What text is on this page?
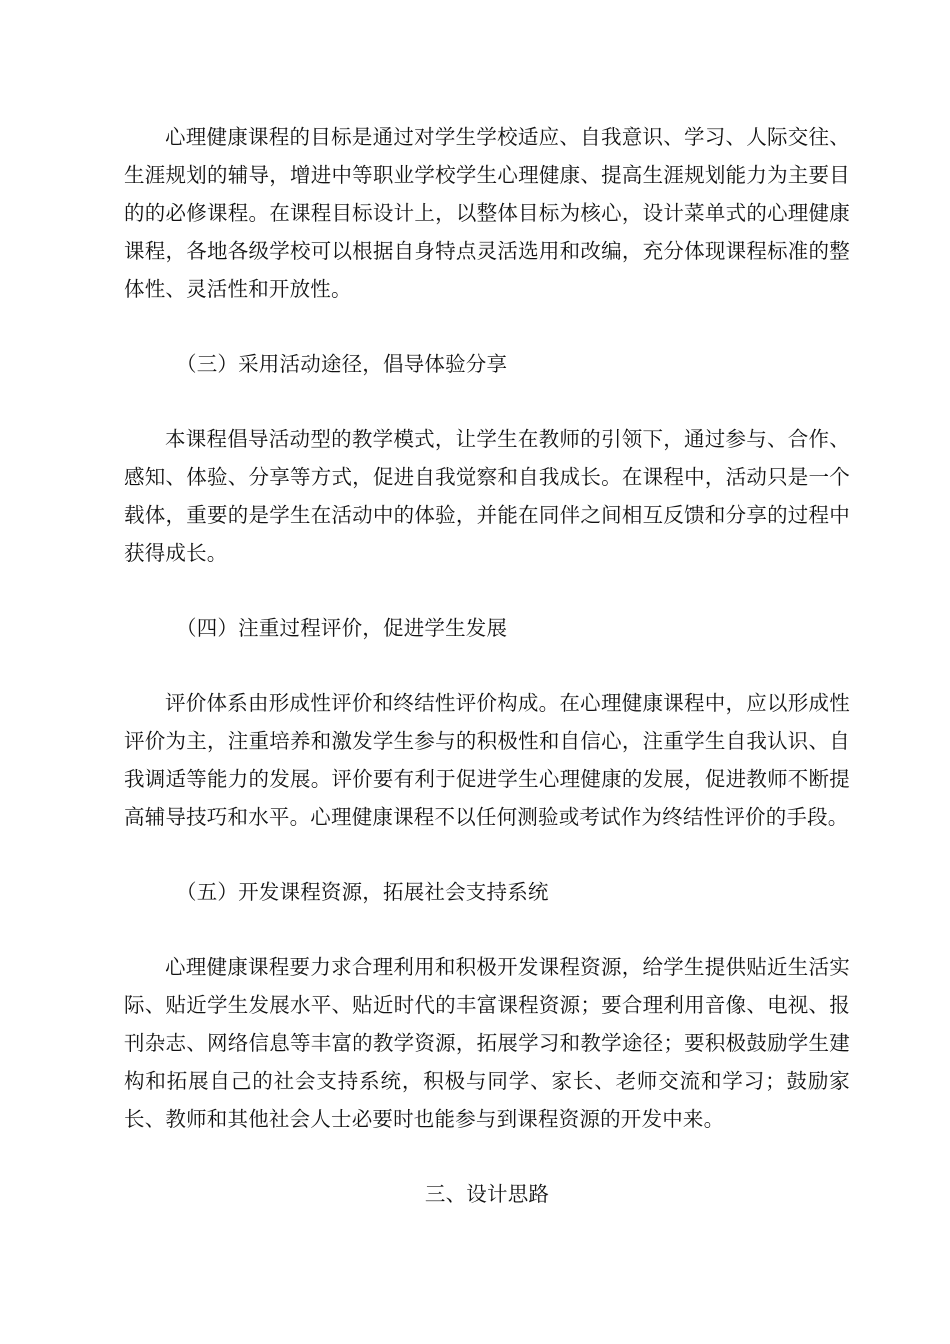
心理健康课程的目标是通过对学生学校适应、自我意识、学习、人际交往、生涯规划的辅导，增进中等职业学校学生心理健康、提高生涯规划能力为主要目的的必修课程。在课程目标设计上，以整体目标为核心，设计菜单式的心理健康课程，各地各级学校可以根据自身特点灵活选用和改编，充分体现课程标准的整体性、灵活性和开放性。

（三）采用活动途径，倡导体验分享

本课程倡导活动型的教学模式，让学生在教师的引领下，通过参与、合作、感知、体验、分享等方式，促进自我觉察和自我成长。在课程中，活动只是一个载体，重要的是学生在活动中的体验，并能在同伴之间相互反馈和分享的过程中获得成长。

（四）注重过程评价，促进学生发展

评价体系由形成性评价和终结性评价构成。在心理健康课程中，应以形成性评价为主，注重培养和激发学生参与的积极性和自信心，注重学生自我认识、自我调适等能力的发展。评价要有利于促进学生心理健康的发展，促进教师不断提高辅导技巧和水平。心理健康课程不以任何测验或考试作为终结性评价的手段。

（五）开发课程资源，拓展社会支持系统

心理健康课程要力求合理利用和积极开发课程资源，给学生提供贴近生活实际、贴近学生发展水平、贴近时代的丰富课程资源；要合理利用音像、电视、报刊杂志、网络信息等丰富的教学资源，拓展学习和教学途径；要积极鼓励学生建构和拓展自己的社会支持系统，积极与同学、家长、老师交流和学习；鼓励家长、教师和其他社会人士必要时也能参与到课程资源的开发中来。

三、设计思路
